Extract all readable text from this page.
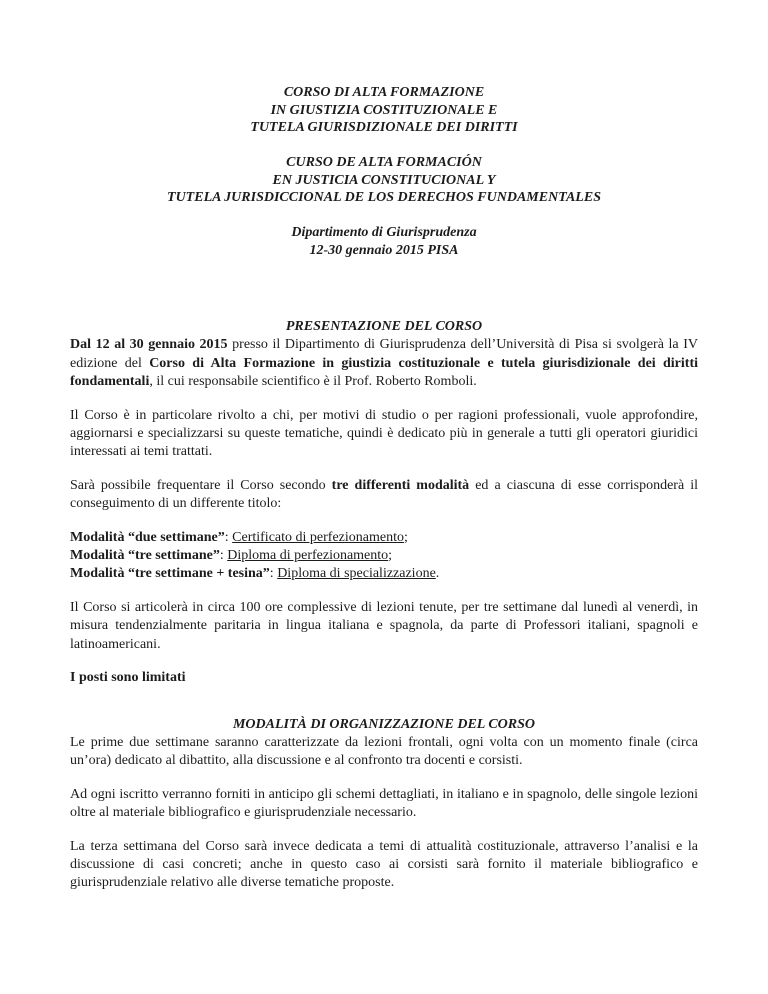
CORSO DI ALTA FORMAZIONE
IN GIUSTIZIA COSTITUZIONALE E
TUTELA GIURISDIZIONALE DEI DIRITTI
CURSO DE ALTA FORMACIÓN
EN JUSTICIA CONSTITUCIONAL Y
TUTELA JURISDICCIONAL DE LOS DERECHOS FUNDAMENTALES
Dipartimento di Giurisprudenza
12-30 gennaio 2015 PISA
PRESENTAZIONE DEL CORSO

Dal 12 al 30 gennaio 2015 presso il Dipartimento di Giurisprudenza dell’Università di Pisa si svolgerà la IV edizione del Corso di Alta Formazione in giustizia costituzionale e tutela giurisdizionale dei diritti fondamentali, il cui responsabile scientifico è il Prof. Roberto Romboli.

Il Corso è in particolare rivolto a chi, per motivi di studio o per ragioni professionali, vuole approfondire, aggiornarsi e specializzarsi su queste tematiche, quindi è dedicato più in generale a tutti gli operatori giuridici interessati ai temi trattati.

Sarà possibile frequentare il Corso secondo tre differenti modalità ed a ciascuna di esse corrisponderà il conseguimento di un differente titolo:

Modalità “due settimane”: Certificato di perfezionamento;

Modalità “tre settimane”: Diploma di perfezionamento;

Modalità “tre settimane + tesina”: Diploma di specializzazione.

Il Corso si articolerà in circa 100 ore complessive di lezioni tenute, per tre settimane dal lunedì al venerdì, in misura tendenzialmente paritaria in lingua italiana e spagnola, da parte di Professori italiani, spagnoli e latinoamericani.

I posti sono limitati

MODALITÀ DI ORGANIZZAZIONE DEL CORSO

Le prime due settimane saranno caratterizzate da lezioni frontali, ogni volta con un momento finale (circa un’ora) dedicato al dibattito, alla discussione e al confronto tra docenti e corsisti.

Ad ogni iscritto verranno forniti in anticipo gli schemi dettagliati, in italiano e in spagnolo, delle singole lezioni oltre al materiale bibliografico e giurisprudenziale necessario.

La terza settimana del Corso sarà invece dedicata a temi di attualità costituzionale, attraverso l’analisi e la discussione di casi concreti; anche in questo caso ai corsisti sarà fornito il materiale bibliografico e giurisprudenziale relativo alle diverse tematiche proposte.
